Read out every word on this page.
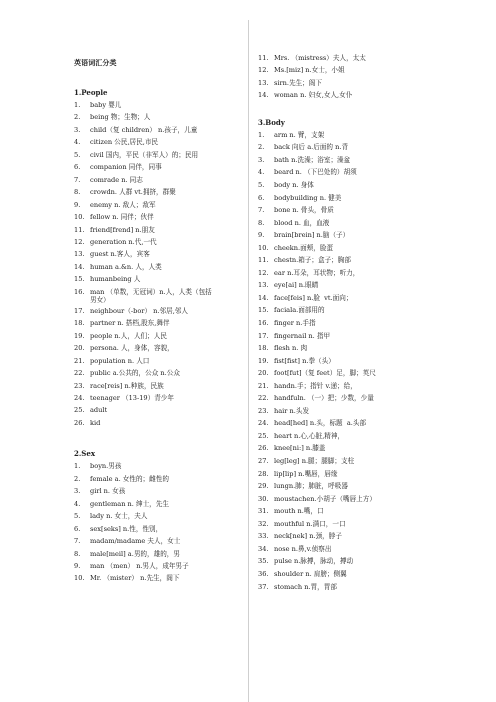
英语词汇分类
1.People
1.	baby 婴儿
2.	being 物；生物；人
3.	child（复 children） n.孩子，儿童
4.	citizen 公民,居民,市民
5.	civil 国内，平民（非军人）的；民用
6.	companion 同伴，同事
7.	comrade n. 同志
8.	crowdn. 人群 vt.拥挤，群聚
9.	enemy n. 敌人；敌军
10. fellow n. 同伴；伙伴
11. friend[frend] n.朋友
12. generation n.代,一代
13. guest n.客人，宾客
14. human a.&n. 人，人类
15. humanbeing 人
16. man （单数，无冠词）n.人，人类（包括
男女）
17. neighbour（-bor） n.邻居,邻人
18. partner n. 搭档,股东,舞伴
19. people n.人，人们；人民
20. persona. 人，身体，容貌，
21. population n. 人口
22. public a.公共的，公众 n.公众
23. race[reis] n.种族，民族
24. teenager （13-19）青少年
25. adult
26. kid
2.Sex
1.	boyn.男孩
2.	female a. 女性的；雌性的
3.	girl n. 女孩
4.	gentleman n. 绅士，先生
5.	lady n. 女士，夫人
6.	sex[seks] n.性，性别，
7.	madam/madame 夫人，女士
8.	male[meil] a.男的，雄的，男
9.	man （men） n.男人，成年男子
10. Mr. （mister） n.先生，阁下
11. Mrs. （mistress）夫人，太太
12. Ms.[miz] n.女士，小姐
13. sirn.先生；阁下
14. woman n. 妇女,女人,女仆
3.Body
1.	arm n. 臂，支架
2.	back 向后 a.后面的 n.背
3.	bath n.洗澡；浴室；澡盆
4.	beard n. （下巴处的）胡须
5.	body n. 身体
6.	bodybuilding n. 健美
7.	bone n. 骨头，骨质
8.	blood n. 血，血液
9.	brain[brein] n.脑（子）
10. cheekn.面颊，脸蛋
11. chestn.箱子；盒子；胸部
12. ear n.耳朵，耳状物；听力，
13. eye[ai] n.眼睛
14. face[feis] n.脸  vt.面向；
15. faciala.面部用的
16. finger n.手指
17. fingernail n. 指甲
18. flesh n. 肉
19. fist[fist] n.拳（头）
20. foot[fut]（复 feet）足，脚；英尺
21. handn.手；指针 v.递；给，
22. handfuln. （一）把；少数，少量
23. hair n.头发
24. head[hed] n.头，标题  a.头部
25. heart n.心,心脏,精神，
26. knee[ni:] n.膝盖
27. leg[leg] n.腿；腿脚；支柱
28. lip[lip] n.嘴唇，唇缘
29. lungn.肺；肺脏，呼吸器
30. moustachen.小胡子（嘴唇上方）
31. mouth n.嘴，口
32. mouthful n.满口，一口
33. neck[nek] n.颈，脖子
34. nose n.鼻,v.侦察出
35. pulse n.脉搏，脉动，搏动
36. shoulder n. 肩膀；侧翼
37. stomach n.胃，胃部
